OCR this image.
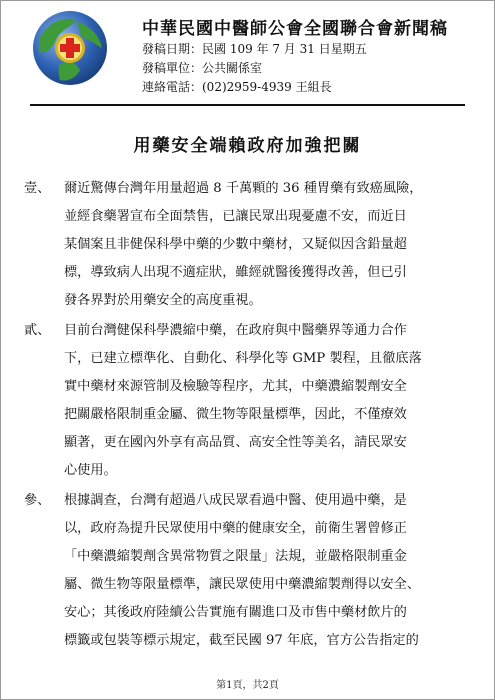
中華民國中醫師公會全國聯合會新聞稿
發稿日期：民國 109 年 7 月 31 日星期五
發稿單位：公共關係室
連絡電話：(02)2959-4939 王組長
用藥安全端賴政府加強把關
壹、	爾近驚傳台灣年用量超過 8 千萬顆的 36 種胃藥有致癌風險，
並經食藥署宣布全面禁售，已讓民眾出現憂慮不安，而近日
某個案且非健保科學中藥的少數中藥材，又疑似因含鉛量超
標，導致病人出現不適症狀，雖經就醫後獲得改善，但已引
發各界對於用藥安全的高度重視。
貳、	目前台灣健保科學濃縮中藥，在政府與中醫藥界等通力合作
下，已建立標準化、自動化、科學化等 GMP 製程，且徹底落
實中藥材來源管制及檢驗等程序，尤其，中藥濃縮製劑安全
把關嚴格限制重金屬、微生物等限量標準，因此，不僅療效
顯著，更在國內外享有高品質、高安全性等美名，請民眾安
心使用。
參、	根據調查，台灣有超過八成民眾看過中醫、使用過中藥，是
以，政府為提升民眾使用中藥的健康安全，前衛生署曾修正
「中藥濃縮製劑含異常物質之限量」法規，並嚴格限制重金
屬、微生物等限量標準，讓民眾使用中藥濃縮製劑得以安全、
安心；其後政府陸續公告實施有關進口及市售中藥材飲片的
標籤或包裝等標示規定，截至民國 97 年底，官方公告指定的
第1頁，共2頁
